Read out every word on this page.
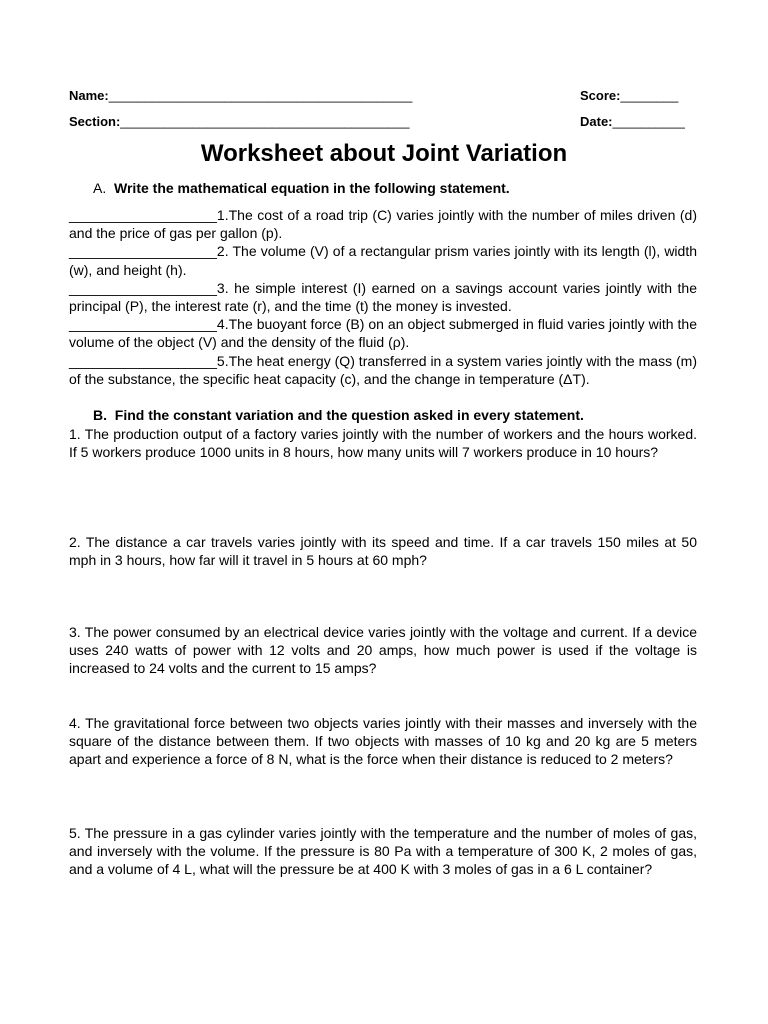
Name:__________________________________________	Score:________
Section:________________________________________	Date:__________
Worksheet about Joint Variation
A. Write the mathematical equation in the following statement.

___________________1.The cost of a road trip (C) varies jointly with the number of miles driven (d) and the price of gas per gallon (p).

___________________2. The volume (V) of a rectangular prism varies jointly with its length (l), width (w), and height (h).

___________________3. he simple interest (I) earned on a savings account varies jointly with the principal (P), the interest rate (r), and the time (t) the money is invested.

___________________4.The buoyant force (B) on an object submerged in fluid varies jointly with the volume of the object (V) and the density of the fluid (ρ).

___________________5.The heat energy (Q) transferred in a system varies jointly with the mass (m) of the substance, the specific heat capacity (c), and the change in temperature (ΔT).

B. Find the constant variation and the question asked in every statement.

1. The production output of a factory varies jointly with the number of workers and the hours worked. If 5 workers produce 1000 units in 8 hours, how many units will 7 workers produce in 10 hours?

2. The distance a car travels varies jointly with its speed and time. If a car travels 150 miles at 50 mph in 3 hours, how far will it travel in 5 hours at 60 mph?

3. The power consumed by an electrical device varies jointly with the voltage and current. If a device uses 240 watts of power with 12 volts and 20 amps, how much power is used if the voltage is increased to 24 volts and the current to 15 amps?

4. The gravitational force between two objects varies jointly with their masses and inversely with the square of the distance between them. If two objects with masses of 10 kg and 20 kg are 5 meters apart and experience a force of 8 N, what is the force when their distance is reduced to 2 meters?

5. The pressure in a gas cylinder varies jointly with the temperature and the number of moles of gas, and inversely with the volume. If the pressure is 80 Pa with a temperature of 300 K, 2 moles of gas, and a volume of 4 L, what will the pressure be at 400 K with 3 moles of gas in a 6 L container?
